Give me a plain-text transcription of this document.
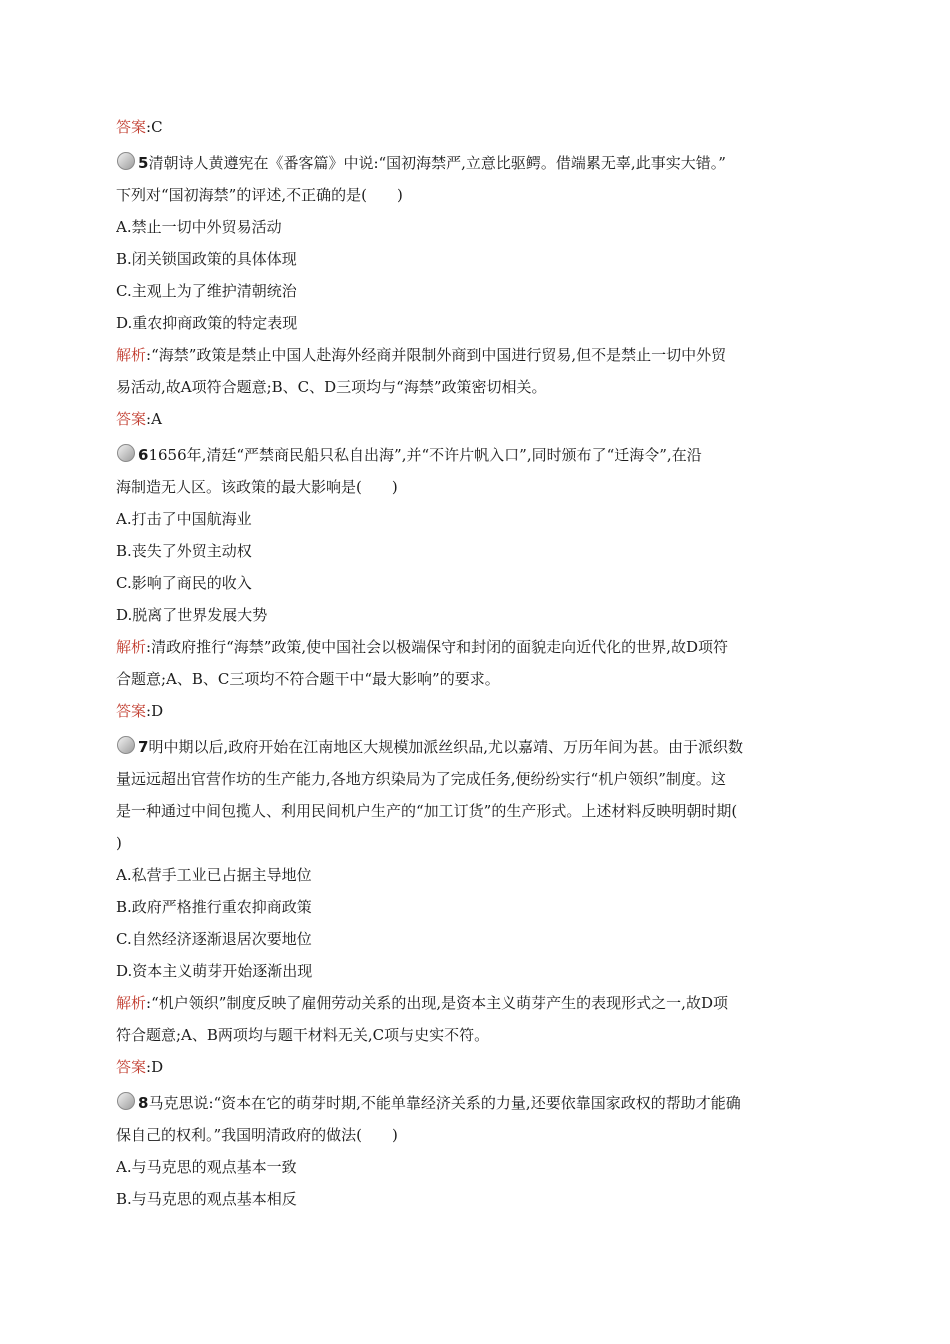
答案:C
5清朝诗人黄遵宪在《番客篇》中说:“国初海禁严,立意比驱鳄。借端累无辜,此事实大错。”
下列对“国初海禁”的评述,不正确的是(　　)
A.禁止一切中外贸易活动
B.闭关锁国政策的具体体现
C.主观上为了维护清朝统治
D.重农抑商政策的特定表现
解析:“海禁”政策是禁止中国人赴海外经商并限制外商到中国进行贸易,但不是禁止一切中外贸
易活动,故A项符合题意;B、C、D三项均与“海禁”政策密切相关。
答案:A
61656年,清廷“严禁商民船只私自出海”,并“不许片帆入口”,同时颁布了“迁海令”,在沿
海制造无人区。该政策的最大影响是(　　)
A.打击了中国航海业
B.丧失了外贸主动权
C.影响了商民的收入
D.脱离了世界发展大势
解析:清政府推行“海禁”政策,使中国社会以极端保守和封闭的面貌走向近代化的世界,故D项符
合题意;A、B、C三项均不符合题干中“最大影响”的要求。
答案:D
7明中期以后,政府开始在江南地区大规模加派丝织品,尤以嘉靖、万历年间为甚。由于派织数
量远远超出官营作坊的生产能力,各地方织染局为了完成任务,便纷纷实行“机户领织”制度。这
是一种通过中间包揽人、利用民间机户生产的“加工订货”的生产形式。上述材料反映明朝时期(
)
A.私营手工业已占据主导地位
B.政府严格推行重农抑商政策
C.自然经济逐渐退居次要地位
D.资本主义萌芽开始逐渐出现
解析:“机户领织”制度反映了雇佣劳动关系的出现,是资本主义萌芽产生的表现形式之一,故D项
符合题意;A、B两项均与题干材料无关,C项与史实不符。
答案:D
8马克思说:“资本在它的萌芽时期,不能单靠经济关系的力量,还要依靠国家政权的帮助才能确
保自己的权利。”我国明清政府的做法(　　)
A.与马克思的观点基本一致
B.与马克思的观点基本相反
